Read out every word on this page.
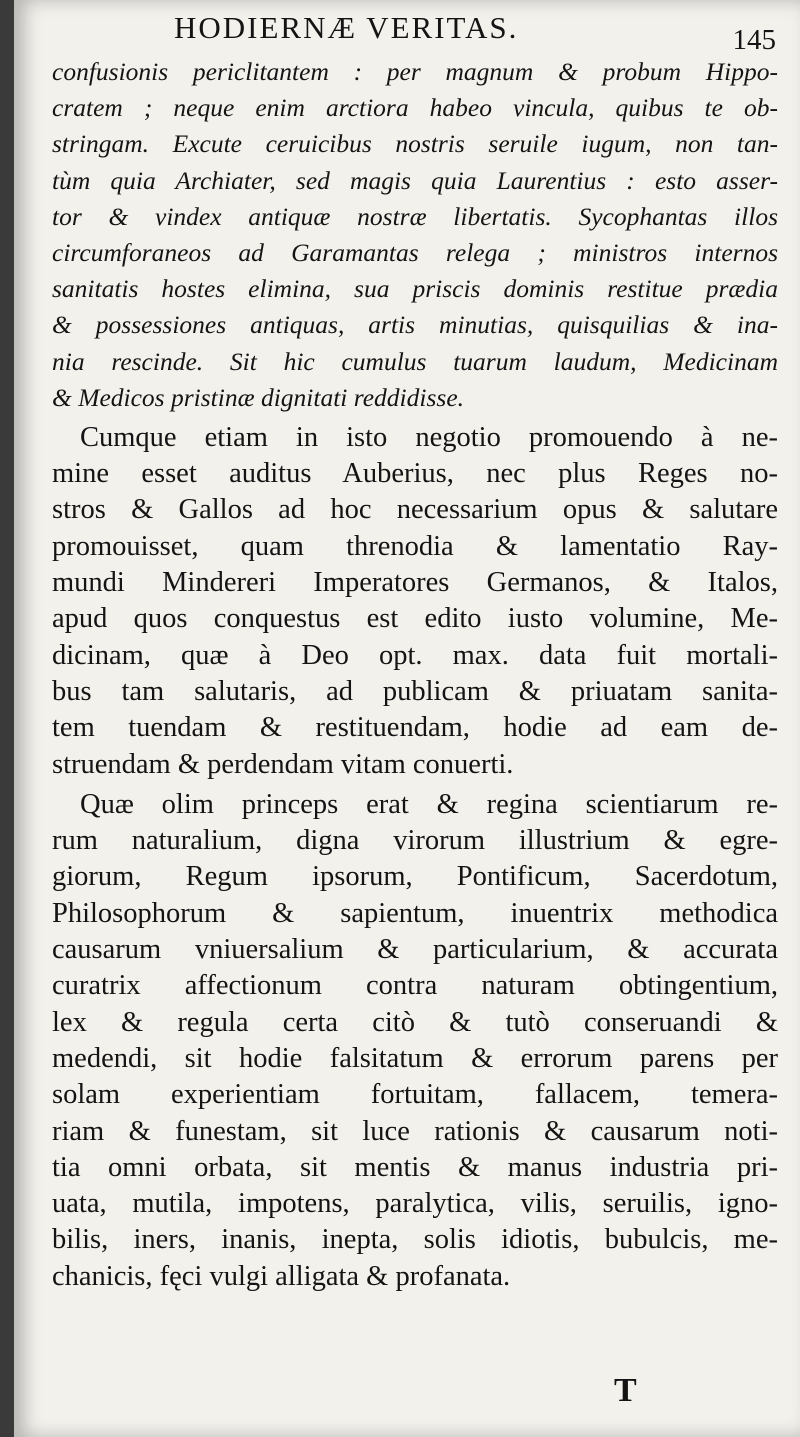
HODIERNÆ VERITAS.	145
confusionis periclitantem : per magnum & probum Hippo-
cratem ; neque enim arctiora habeo vincula, quibus te ob-
stringam. Excute ceruicibus nostris seruile iugum, non tan-
tùm quia Archiater, sed magis quia Laurentius : esto asser-
tor & vindex antiquæ nostræ libertatis. Sycophantas illos
circumforaneos ad Garamantas relega ; ministros internos
sanitatis hostes elimina, sua priscis dominis restitue prædia
& possessiones antiquas, artis minutias, quisquilias & ina-
nia rescinde. Sit hic cumulus tuarum laudum, Medicinam
& Medicos pristinæ dignitati reddidisse.
Cumque etiam in isto negotio promouendo à ne-
mine esset auditus Auberius, nec plus Reges no-
stros & Gallos ad hoc necessarium opus & salutare
promouisset, quam threnodia & lamentatio Ray-
mundi Mindereri Imperatores Germanos, & Italos,
apud quos conquestus est edito iusto volumine, Me-
dicinam, quæ à Deo opt. max. data fuit mortali-
bus tam salutaris, ad publicam & priuatam sanita-
tem tuendam & restituendam, hodie ad eam de-
struendam & perdendam vitam conuerti.
Quæ olim princeps erat & regina scientiarum re-
rum naturalium, digna virorum illustrium & egre-
giorum, Regum ipsorum, Pontificum, Sacerdotum,
Philosophorum & sapientum, inuentrix methodica
causarum vniuersalium & particularium, & accurata
curatrix affectionum contra naturam obtingentium,
lex & regula certa citò & tutò conseruandi &
medendi, sit hodie falsitatum & errorum parens per
solam experientiam fortuitam, fallacem, temera-
riam & funestam, sit luce rationis & causarum noti-
tia omni orbata, sit mentis & manus industria pri-
uata, mutila, impotens, paralytica, vilis, seruilis, igno-
bilis, iners, inanis, inepta, solis idiotis, bubulcis, me-
chanicis, fęci vulgi alligata & profanata.
T
